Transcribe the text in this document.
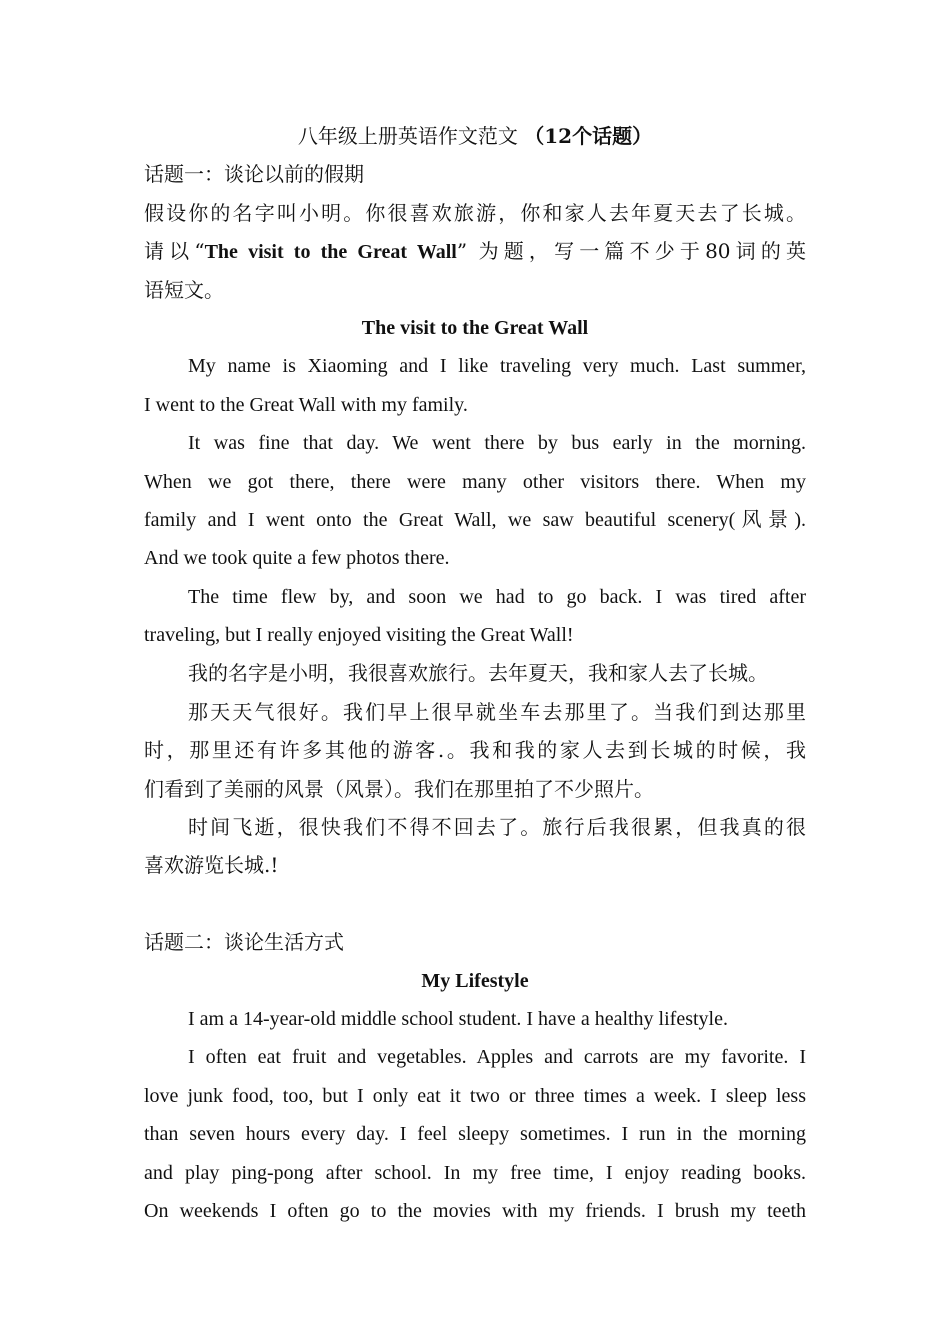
八年级上册英语作文范文 （12个话题）
话题一：谈论以前的假期
假设你的名字叫小明。你很喜欢旅游，你和家人去年夏天去了长城。
请以“The visit to the Great Wall” 为题，写一篇不少于80词的英
语短文。
The visit to the Great Wall
My name is Xiaoming and I like traveling very much. Last summer,
I went to the Great Wall with my family.
It was fine that day. We went there by bus early in the morning.
When we got there, there were many other visitors there. When my
family and I went onto the Great Wall, we saw beautiful scenery(风景).
And we took quite a few photos there.
The time flew by, and soon we had to go back. I was tired after
traveling, but I really enjoyed visiting the Great Wall!
我的名字是小明，我很喜欢旅行。去年夏天，我和家人去了长城。
那天天气很好。我们早上很早就坐车去那里了。当我们到达那里
时，那里还有许多其他的游客.。我和我的家人去到长城的时候，我
们看到了美丽的风景（风景）。我们在那里拍了不少照片。
时间飞逝，很快我们不得不回去了。旅行后我很累，但我真的很
喜欢游览长城.!
话题二：谈论生活方式
My Lifestyle
I am a 14-year-old middle school student. I have a healthy lifestyle.
I often eat fruit and vegetables. Apples and carrots are my favorite. I
love junk food, too, but I only eat it two or three times a week. I sleep less
than seven hours every day. I feel sleepy sometimes. I run in the morning
and play ping-pong after school. In my free time, I enjoy reading books.
On weekends I often go to the movies with my friends. I brush my teeth
